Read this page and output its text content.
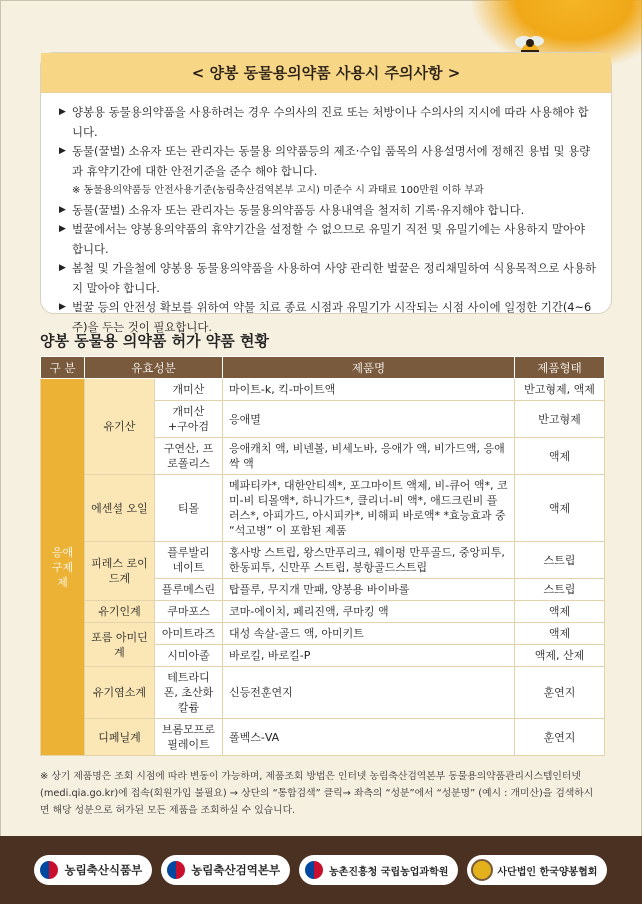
< 양봉 동물용의약품 사용시 주의사항 >
▶ 양봉용 동물용의약품을 사용하려는 경우 수의사의 진료 또는 처방이나 수의사의 지시에 따라 사용해야 합니다.
▶ 동물(꿀벌) 소유자 또는 관리자는 동물용 의약품등의 제조·수입 품목의 사용설명서에 정해진 용법 및 용량과 휴약기간에 대한 안전기준을 준수 해야 합니다.
※ 동물용의약품등 안전사용기준(농림축산검역본부 고시) 미준수 시 과태료 100만원 이하 부과
▶ 동물(꿀벌) 소유자 또는 관리자는 동물용의약품등 사용내역을 철저히 기록·유지해야 합니다.
▶ 벌꿀에서는 양봉용의약품의 휴약기간을 설정할 수 없으므로 유밀기 직전 및 유밀기에는 사용하지 말아야 합니다.
▶ 봄철 및 가을철에 양봉용 동물용의약품을 사용하여 사양 관리한 벌꿀은 정리채밀하여 식용목적으로 사용하지 말아야 합니다.
▶ 벌꿀 등의 안전성 확보를 위하여 약물 치료 종료 시점과 유밀기가 시작되는 시점 사이에 일정한 기간(4~6주)을 두는 것이 필요합니다.
양봉 동물용 의약품 허가 약품 현황
구 분	유효성분		제품명	제품형태
응애 구제제	유기산	개미산	마이트-k, 킥-마이트액	반고형제, 액제
		개미산 +구아검	응애멸	반고형제
		구연산, 프로폴리스	응애캐치 액, 비넨볼, 비세노바, 응애가 액, 비가드액, 응애싹 액	액제
	에센셜 오일	티몰	메파티카*, 대한안티셱*, 포그마이트 액제, 비-큐어 액*, 코미-비 티몰액*, 하니가드*, 클리너-비 액*, 애드크린비 플러스*, 아피가드, 아시피카*, 비해피 바로액* *효능효과 중 “석고병” 이 포함된 제품	액제
	피레스 로이드계	플루발리 네이트	홍사방 스트립, 왕스만푸리크, 웨이펑 만푸골드, 중앙피투, 한동피투, 신만푸 스트립, 봉항골드스트립	스트립
		플루메스린	탑플루, 무지개 만패, 양봉용 바이바롤	스트립
	유기인계	쿠마포스	코마-에이치, 페리진액, 쿠마킹 액	액제
	포름 아미딘계	아미트라즈	대성 속살-골드 액, 아미키트	액제
		시미아졸	바로킬, 바로킬-P	액제, 산제
	유기염소계	테트라디폰, 초산화칼륨	신등전훈연지	훈연지
	디페닐계	브롬모프로 필레이트	폴벡스-VA	훈연지
※ 상기 제품명은 조회 시점에 따라 변동이 가능하며, 제품조회 방법은 인터넷 농림축산검역본부 동물용의약품관리시스템인터넷(medi.qia.go.kr)에 접속(회원가입 불필요) → 상단의 “통합검색” 클릭→ 좌측의 “성분”에서 “성분명” (예시 : 개미산)을 검색하시면 해당 성분으로 허가된 모든 제품을 조회하실 수 있습니다.
농림축산식품부	농림축산검역본부	농촌진흥청 국립농업과학원	사단법인 한국양봉협회
